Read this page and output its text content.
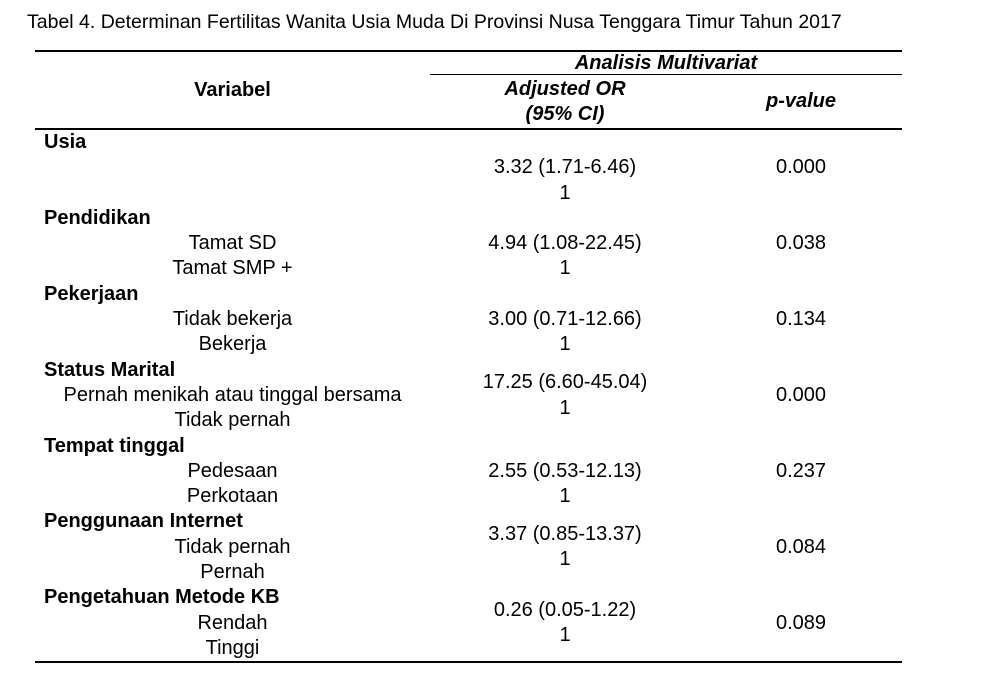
Tabel 4. Determinan Fertilitas Wanita Usia Muda Di Provinsi Nusa Tenggara Timur Tahun 2017
Variabel
Analisis Multivariat
Adjusted OR
(95% CI)
p-value
Usia
3.32 (1.71-6.46)
1
0.000
Pendidikan
Tamat SD
Tamat SMP +
4.94 (1.08-22.45)
1
0.038
Pekerjaan
Tidak bekerja
Bekerja
3.00 (0.71-12.66)
1
0.134
Status Marital
Pernah menikah atau tinggal bersama
Tidak pernah
17.25 (6.60-45.04)
1
0.000
Tempat tinggal
Pedesaan
Perkotaan
2.55 (0.53-12.13)
1
0.237
Penggunaan Internet
Tidak pernah
Pernah
3.37 (0.85-13.37)
1
0.084
Pengetahuan Metode KB
Rendah
Tinggi
0.26 (0.05-1.22)
1
0.089
